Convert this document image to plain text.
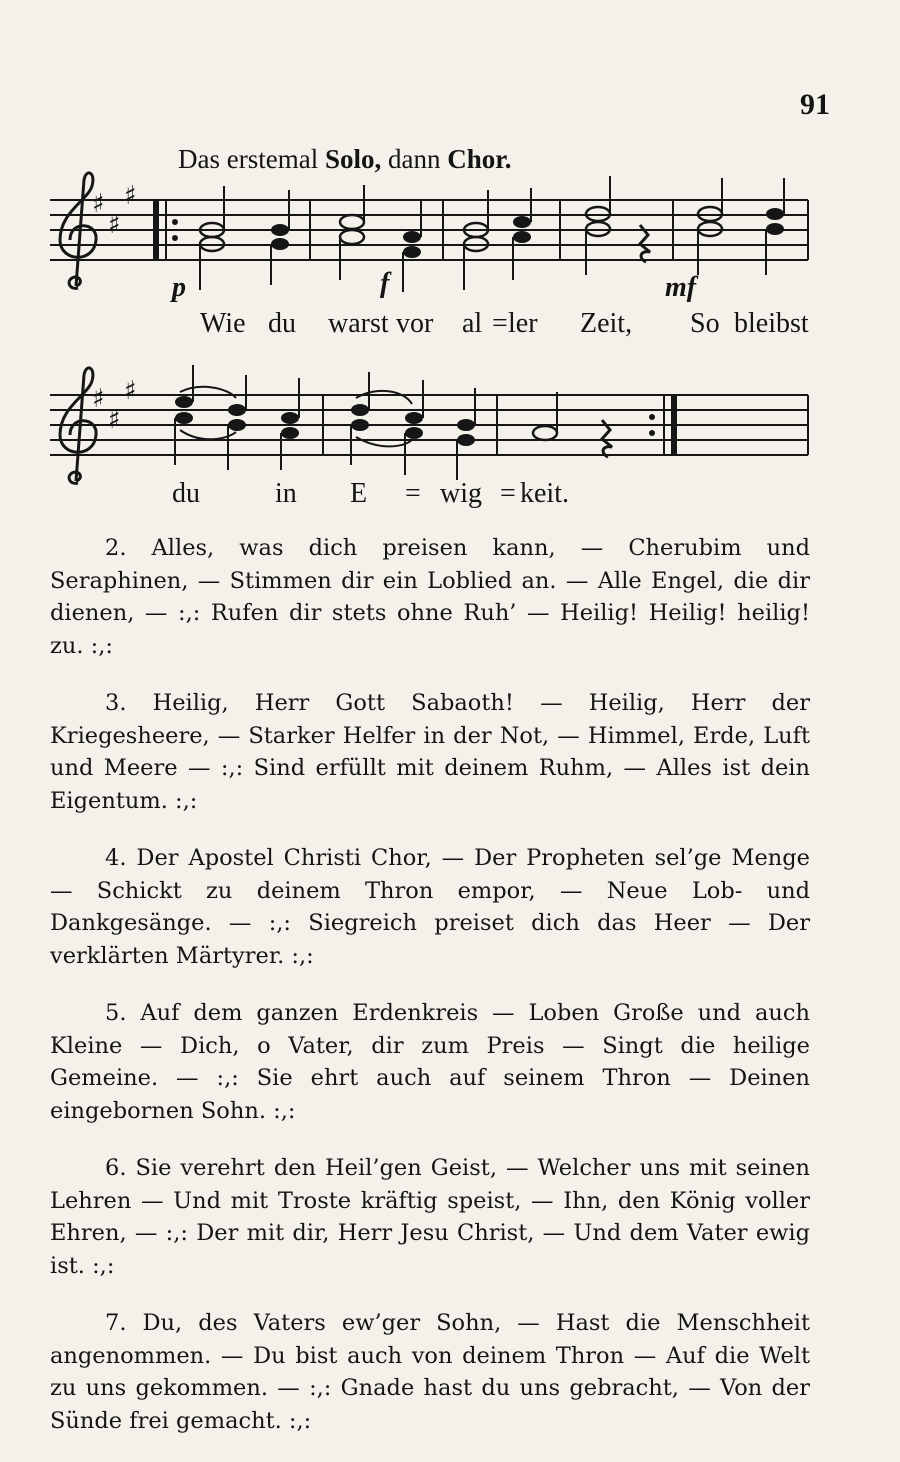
91
Das erstemal Solo, dann Chor.
♯
♯
♯
♯
♯
♯
p	f	mf
Wie du warst vor al = ler Zeit, So bleibst
du	in E = wig = keit.

2. Alles, was dich preisen kann, — Cherubim und Seraphinen, — Stimmen dir ein Loblied an. — Alle Engel, die dir dienen, — :,: Rufen dir stets ohne Ruh’ — Heilig! Heilig! heilig! zu. :,:

3. Heilig, Herr Gott Sabaoth! — Heilig, Herr der Kriegesheere, — Starker Helfer in der Not, — Himmel, Erde, Luft und Meere — :,: Sind erfüllt mit deinem Ruhm, — Alles ist dein Eigentum. :,:

4. Der Apostel Christi Chor, — Der Propheten sel’ge Menge — Schickt zu deinem Thron empor, — Neue Lob- und Dankgesänge. — :,: Siegreich preiset dich das Heer — Der verklärten Märtyrer. :,:

5. Auf dem ganzen Erdenkreis — Loben Große und auch Kleine — Dich, o Vater, dir zum Preis — Singt die heilige Gemeine. — :,: Sie ehrt auch auf seinem Thron — Deinen eingebornen Sohn. :,:

6. Sie verehrt den Heil’gen Geist, — Welcher uns mit seinen Lehren — Und mit Troste kräftig speist, — Ihn, den König voller Ehren, — :,: Der mit dir, Herr Jesu Christ, — Und dem Vater ewig ist. :,:

7. Du, des Vaters ew’ger Sohn, — Hast die Menschheit angenommen. — Du bist auch von deinem Thron — Auf die Welt zu uns gekommen. — :,: Gnade hast du uns gebracht, — Von der Sünde frei gemacht. :,:
